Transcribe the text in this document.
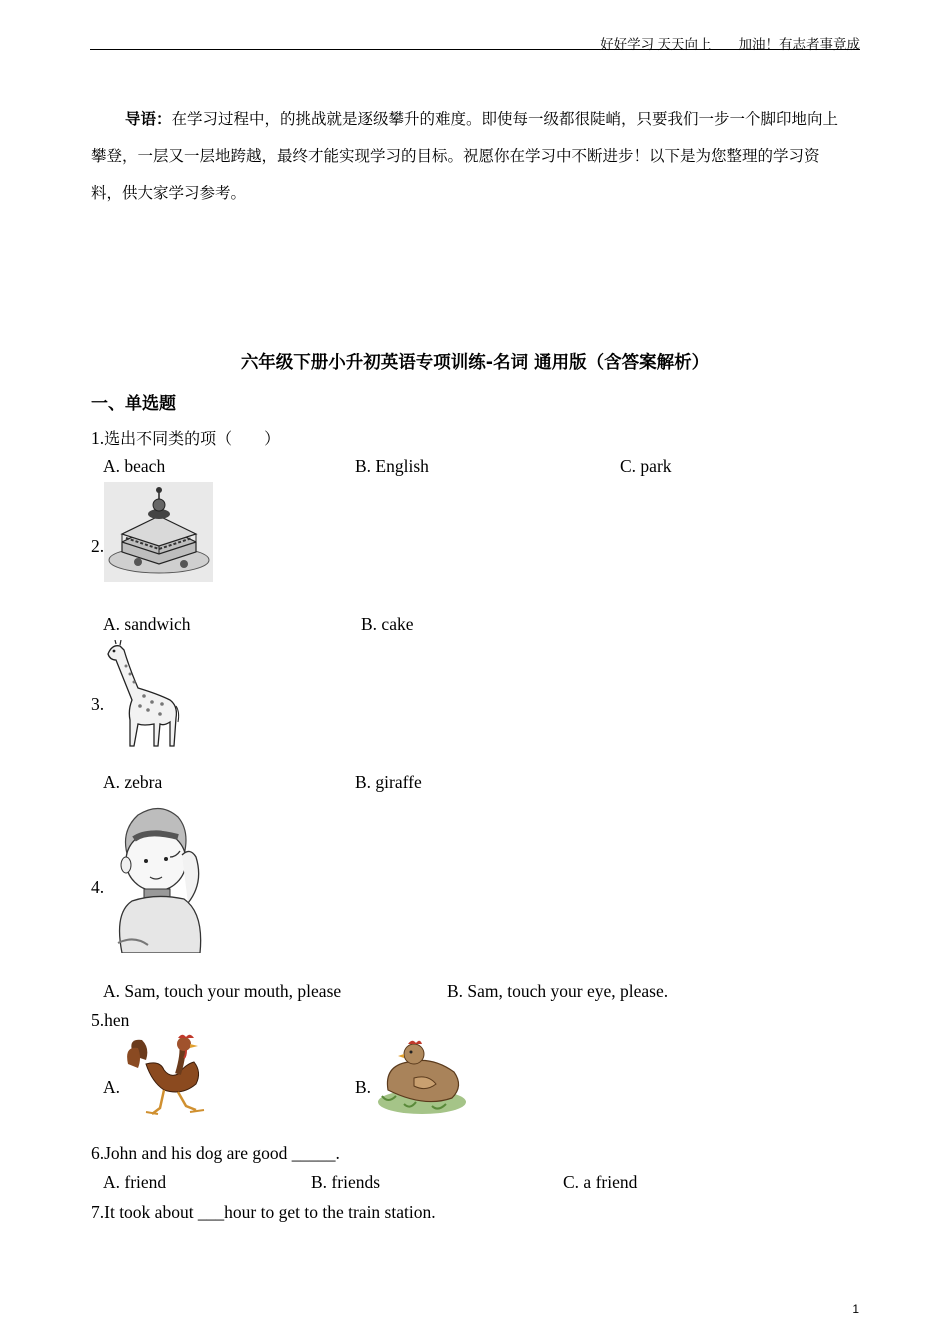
好好学习 天天向上 加油！有志者事竟成
导语：在学习过程中，的挑战就是逐级攀升的难度。即使每一级都很陡峭，只要我们一步一个脚印地向上攀登，一层又一层地跨越，最终才能实现学习的目标。祝愿你在学习中不断进步！以下是为您整理的学习资料，供大家学习参考。
六年级下册小升初英语专项训练-名词 通用版（含答案解析）
一、单选题
1.选出不同类的项（　　）
A. beach	B. English	C. park
2.
A. sandwich	B. cake
3.
A. zebra	B. giraffe
4.
A. Sam, touch your mouth, please	B. Sam, touch your eye, please.
5.hen
A.	B.
6.John and his dog are good _____.
A. friend	B. friends	C. a friend
7.It took about ___hour to get to the train station.
1
